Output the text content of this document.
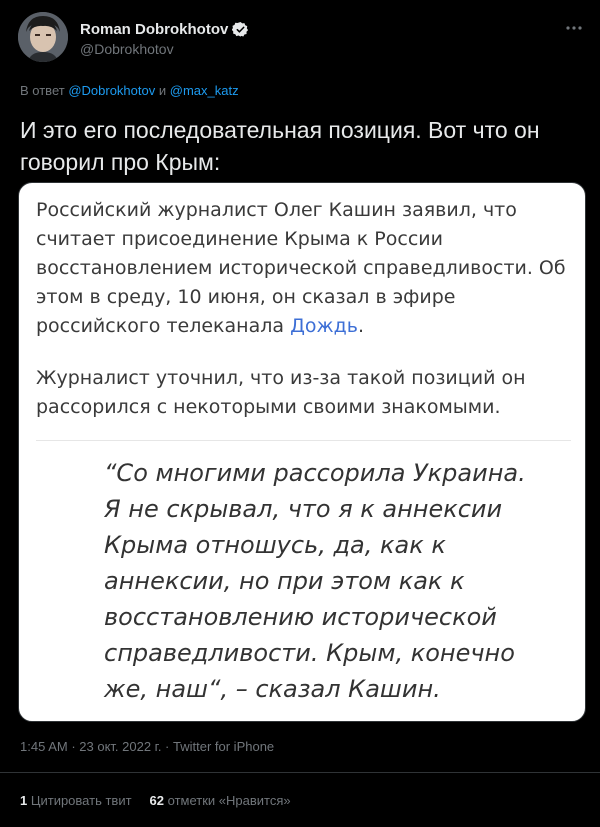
Roman Dobrokhotov
@Dobrokhotov
В ответ @Dobrokhotov и @max_katz
И это его последовательная позиция. Вот что он говорил про Крым:
Российский журналист Олег Кашин заявил, что считает присоединение Крыма к России восстановлением исторической справедливости. Об этом в среду, 10 июня, он сказал в эфире российского телеканала Дождь.
Журналист уточнил, что из-за такой позиций он рассорился с некоторыми своими знакомыми.
“Со многими рассорила Украина. Я не скрывал, что я к аннексии Крыма отношусь, да, как к аннексии, но при этом как к восстановлению исторической справедливости. Крым, конечно же, наш“, – сказал Кашин.
1:45 AM · 23 окт. 2022 г. · Twitter for iPhone
1 Цитировать твит 62 отметки «Нравится»
